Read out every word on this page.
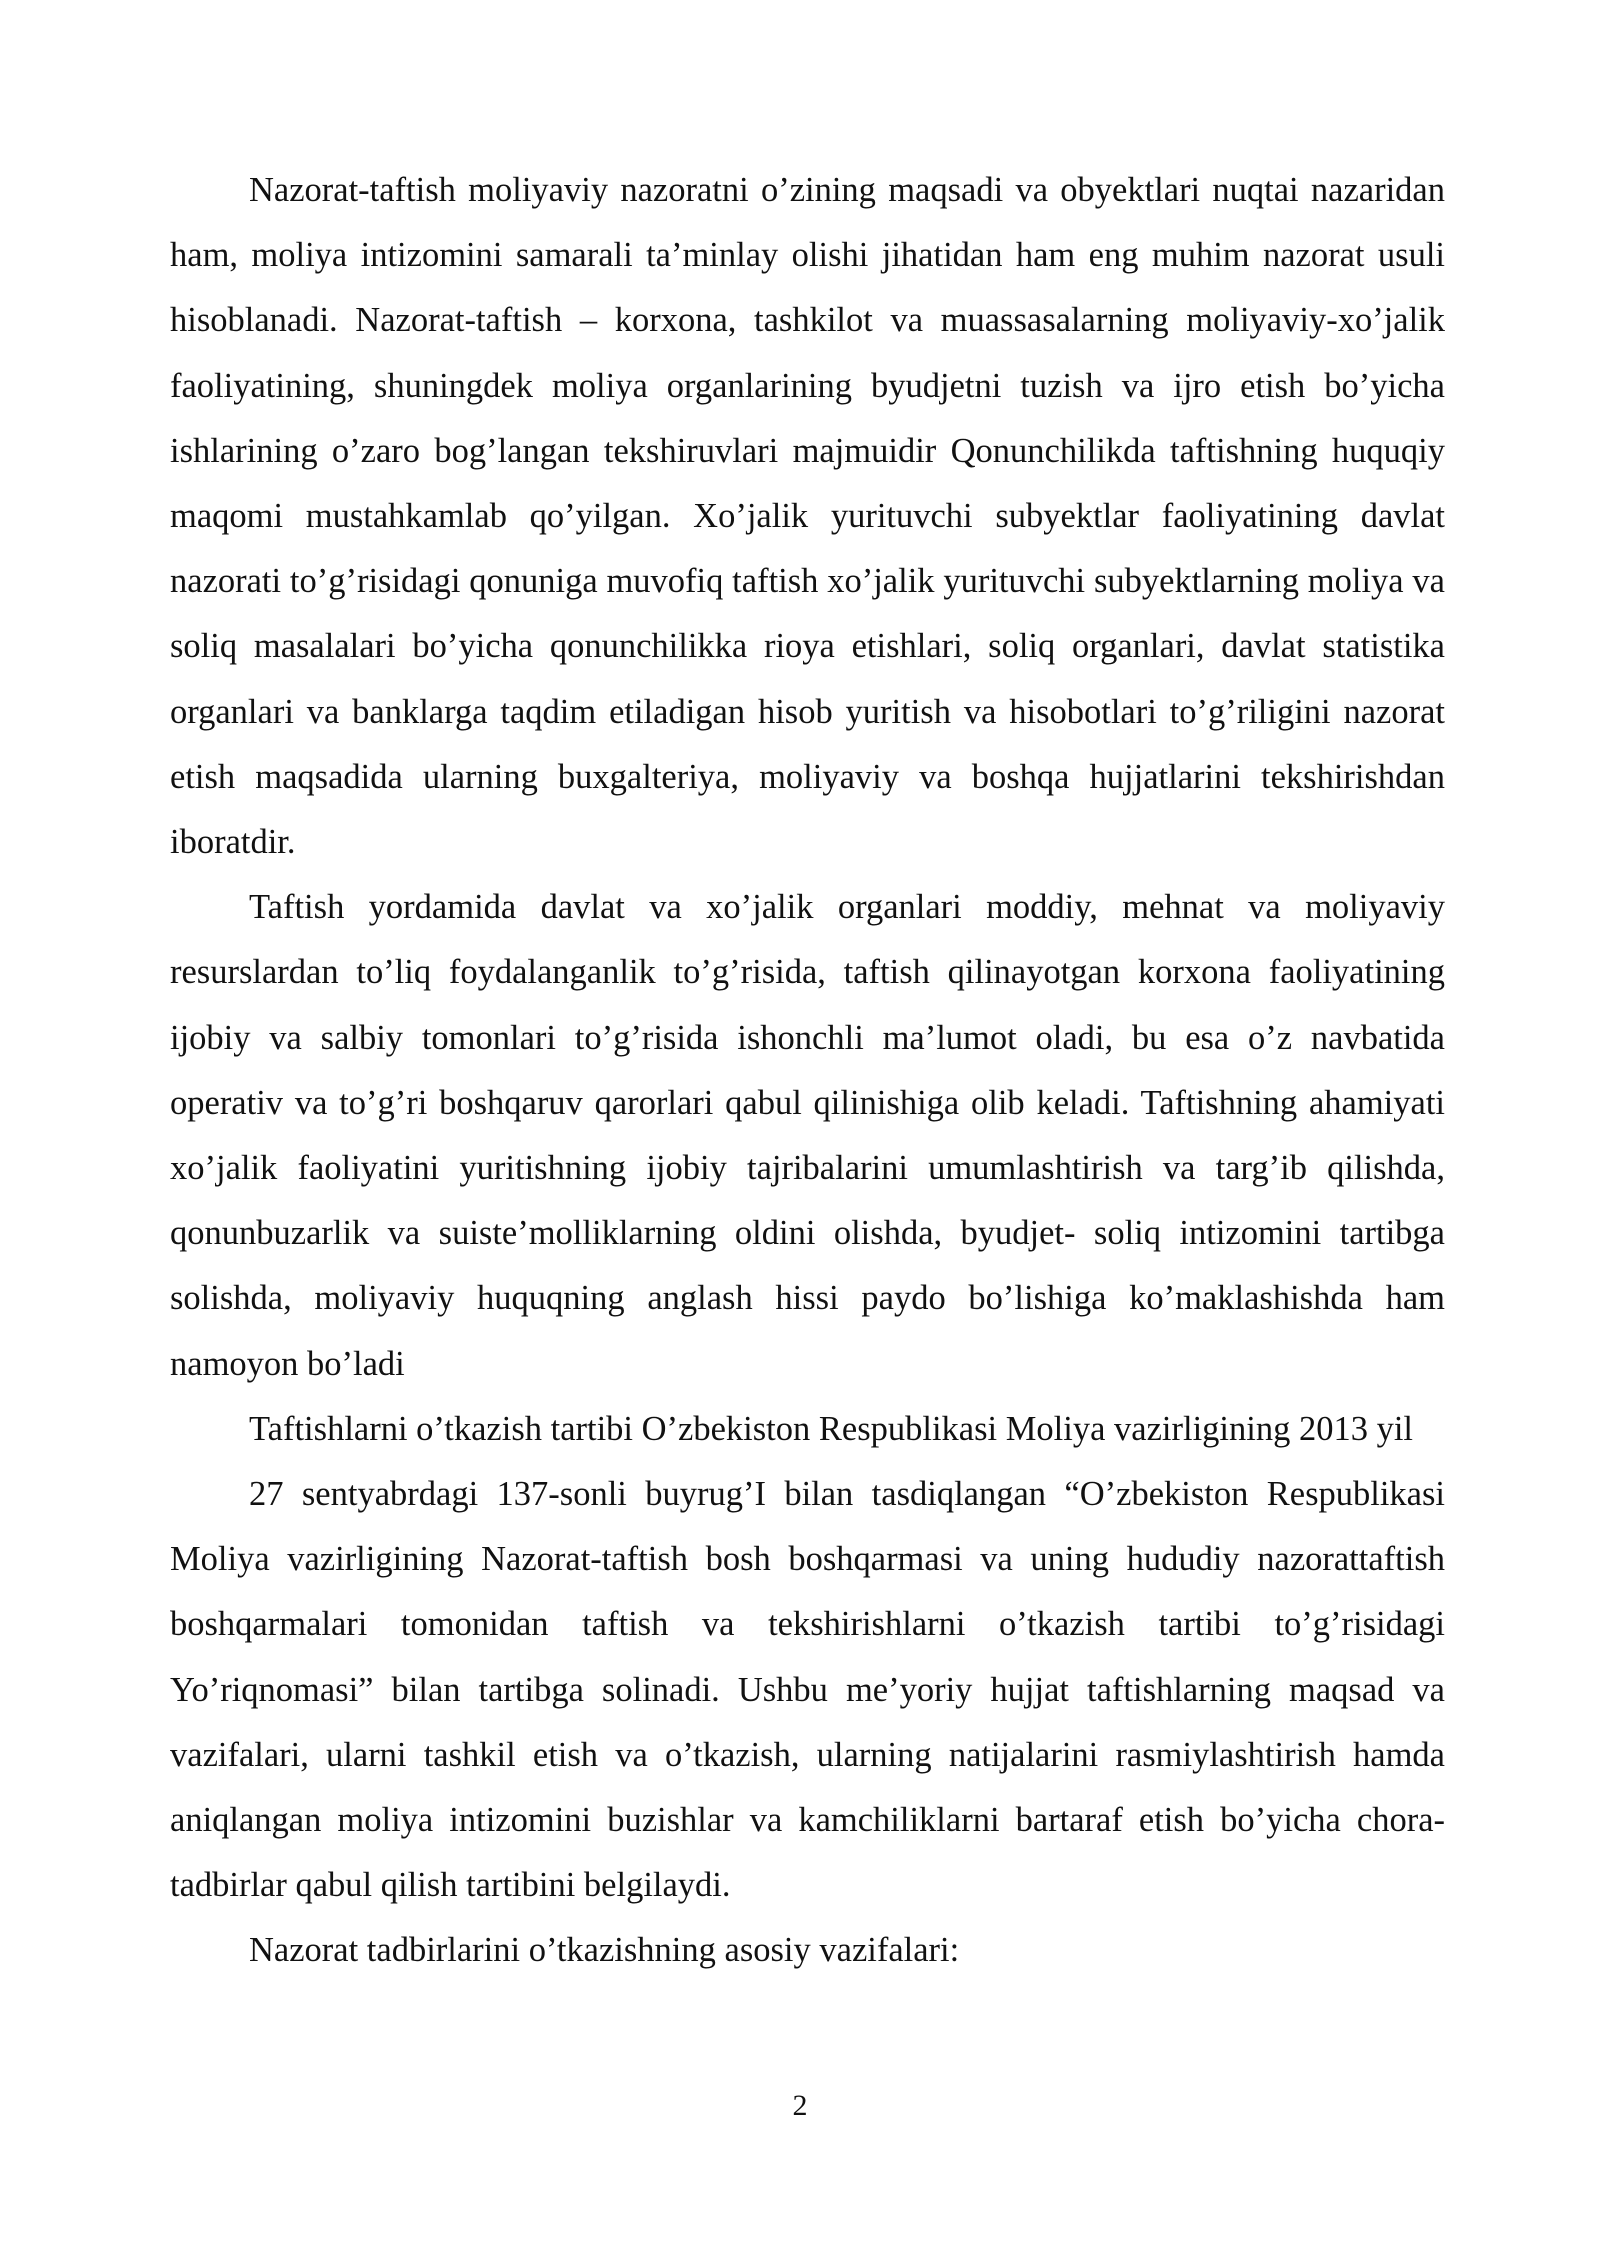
Nazorat-taftish moliyaviy nazoratni o’zining maqsadi va obyektlari nuqtai nazaridan ham, moliya intizomini samarali ta’minlay olishi jihatidan ham eng muhim nazorat usuli hisoblanadi. Nazorat-taftish – korxona, tashkilot va muassasalarning moliyaviy-xo’jalik faoliyatining, shuningdek moliya organlarining byudjetni tuzish va ijro etish bo’yicha ishlarining o’zaro bog’langan tekshiruvlari majmuidir Qonunchilikda taftishning huquqiy maqomi mustahkamlab qo’yilgan. Xo’jalik yurituvchi subyektlar faoliyatining davlat nazorati to’g’risidagi qonuniga muvofiq taftish xo’jalik yurituvchi subyektlarning moliya va soliq masalalari bo’yicha qonunchilikka rioya etishlari, soliq organlari, davlat statistika organlari va banklarga taqdim etiladigan hisob yuritish va hisobotlari to’g’riligini nazorat etish maqsadida ularning buxgalteriya, moliyaviy va boshqa hujjatlarini tekshirishdan iboratdir.

Taftish yordamida davlat va xo’jalik organlari moddiy, mehnat va moliyaviy resurslardan to’liq foydalanganlik to’g’risida, taftish qilinayotgan korxona faoliyatining ijobiy va salbiy tomonlari to’g’risida ishonchli ma’lumot oladi, bu esa o’z navbatida operativ va to’g’ri boshqaruv qarorlari qabul qilinishiga olib keladi. Taftishning ahamiyati xo’jalik faoliyatini yuritishning ijobiy tajribalarini umumlashtirish va targ’ib qilishda, qonunbuzarlik va suiste’molliklarning oldini olishda, byudjet- soliq intizomini tartibga solishda, moliyaviy huquqning anglash hissi paydo bo’lishiga ko’maklashishda ham namoyon bo’ladi

Taftishlarni o’tkazish tartibi O’zbekiston Respublikasi Moliya vazirligining 2013 yil

27 sentyabrdagi 137-sonli buyrug’I bilan tasdiqlangan “O’zbekiston Respublikasi Moliya vazirligining Nazorat-taftish bosh boshqarmasi va uning hududiy nazorattaftish boshqarmalari tomonidan taftish va tekshirishlarni o’tkazish tartibi to’g’risidagi Yo’riqnomasi” bilan tartibga solinadi. Ushbu me’yoriy hujjat taftishlarning maqsad va vazifalari, ularni tashkil etish va o’tkazish, ularning natijalarini rasmiylashtirish hamda aniqlangan moliya intizomini buzishlar va kamchiliklarni bartaraf etish bo’yicha chora-tadbirlar qabul qilish tartibini belgilaydi.

Nazorat tadbirlarini o’tkazishning asosiy vazifalari:

2
